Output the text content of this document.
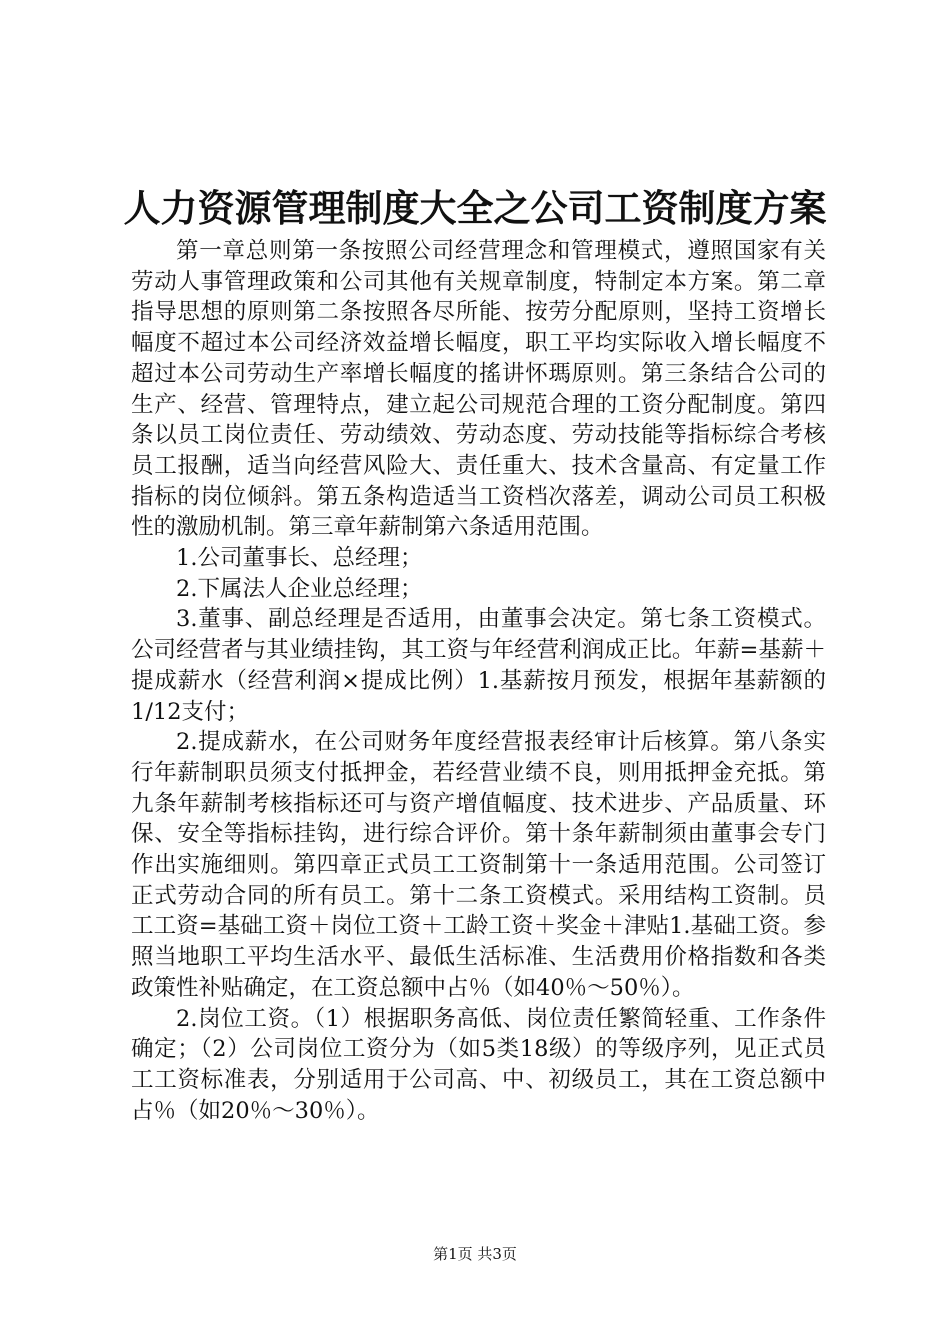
人力资源管理制度大全之公司工资制度方案

第一章总则第一条按照公司经营理念和管理模式，遵照国家有关劳动人事管理政策和公司其他有关规章制度，特制定本方案。第二章指导思想的原则第二条按照各尽所能、按劳分配原则，坚持工资增长幅度不超过本公司经济效益增长幅度，职工平均实际收入增长幅度不超过本公司劳动生产率增长幅度的搖讲怀瑪原则。第三条结合公司的生产、经营、管理特点，建立起公司规范合理的工资分配制度。第四条以员工岗位责任、劳动绩效、劳动态度、劳动技能等指标综合考核员工报酬，适当向经营风险大、责任重大、技术含量高、有定量工作指标的岗位倾斜。第五条构造适当工资档次落差，调动公司员工积极性的激励机制。第三章年薪制第六条适用范围。

1.公司董事长、总经理；

2.下属法人企业总经理；

3.董事、副总经理是否适用，由董事会决定。第七条工资模式。公司经营者与其业绩挂钩，其工资与年经营利润成正比。年薪=基薪＋提成薪水（经营利润×提成比例）1.基薪按月预发，根据年基薪额的1/12支付；

2.提成薪水，在公司财务年度经营报表经审计后核算。第八条实行年薪制职员须支付抵押金，若经营业绩不良，则用抵押金充抵。第九条年薪制考核指标还可与资产增值幅度、技术进步、产品质量、环保、安全等指标挂钩，进行综合评价。第十条年薪制须由董事会专门作出实施细则。第四章正式员工工资制第十一条适用范围。公司签订正式劳动合同的所有员工。第十二条工资模式。采用结构工资制。员工工资=基础工资＋岗位工资＋工龄工资＋奖金＋津贴1.基础工资。参照当地职工平均生活水平、最低生活标准、生活费用价格指数和各类政策性补贴确定，在工资总额中占％（如40％～50％）。

2.岗位工资。（1）根据职务高低、岗位责任繁简轻重、工作条件确定；（2）公司岗位工资分为（如5类18级）的等级序列，见正式员工工资标准表，分别适用于公司高、中、初级员工，其在工资总额中占％（如20％～30％）。

第1页 共3页
